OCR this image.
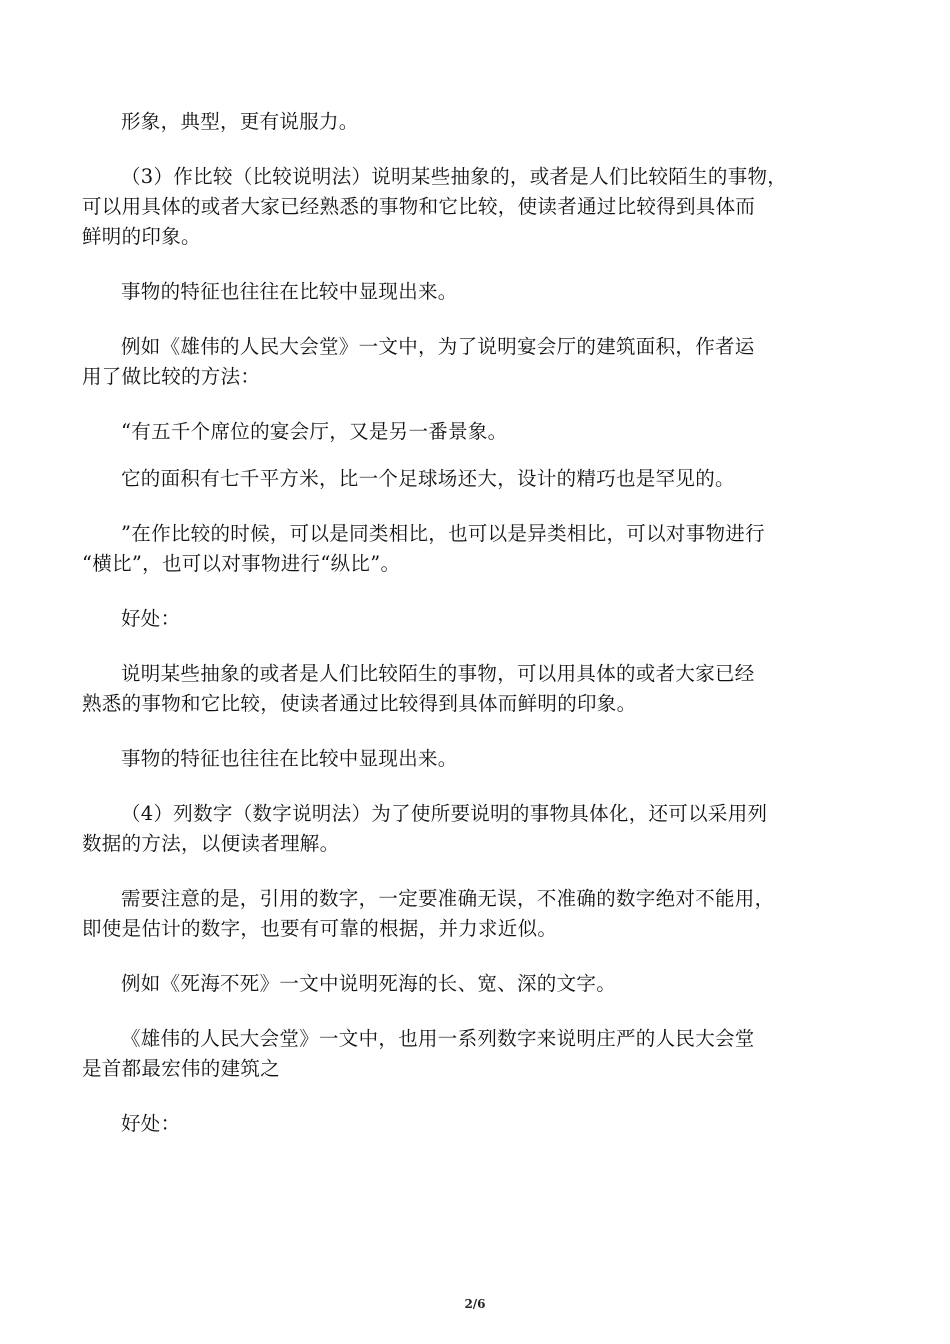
形象，典型，更有说服力。

（3）作比较（比较说明法）说明某些抽象的，或者是人们比较陌生的事物，
可以用具体的或者大家已经熟悉的事物和它比较，使读者通过比较得到具体而
鲜明的印象。

事物的特征也往往在比较中显现出来。

例如《雄伟的人民大会堂》一文中，为了说明宴会厅的建筑面积，作者运
用了做比较的方法：

“有五千个席位的宴会厅，又是另一番景象。

它的面积有七千平方米，比一个足球场还大，设计的精巧也是罕见的。

”在作比较的时候，可以是同类相比，也可以是异类相比，可以对事物进行
“横比”，也可以对事物进行“纵比”。

好处：

说明某些抽象的或者是人们比较陌生的事物，可以用具体的或者大家已经
熟悉的事物和它比较，使读者通过比较得到具体而鲜明的印象。

事物的特征也往往在比较中显现出来。

（4）列数字（数字说明法）为了使所要说明的事物具体化，还可以采用列
数据的方法，以便读者理解。

需要注意的是，引用的数字，一定要准确无误，不准确的数字绝对不能用，
即使是估计的数字，也要有可靠的根据，并力求近似。

例如《死海不死》一文中说明死海的长、宽、深的文字。

《雄伟的人民大会堂》一文中，也用一系列数字来说明庄严的人民大会堂
是首都最宏伟的建筑之

好处：

2/6
